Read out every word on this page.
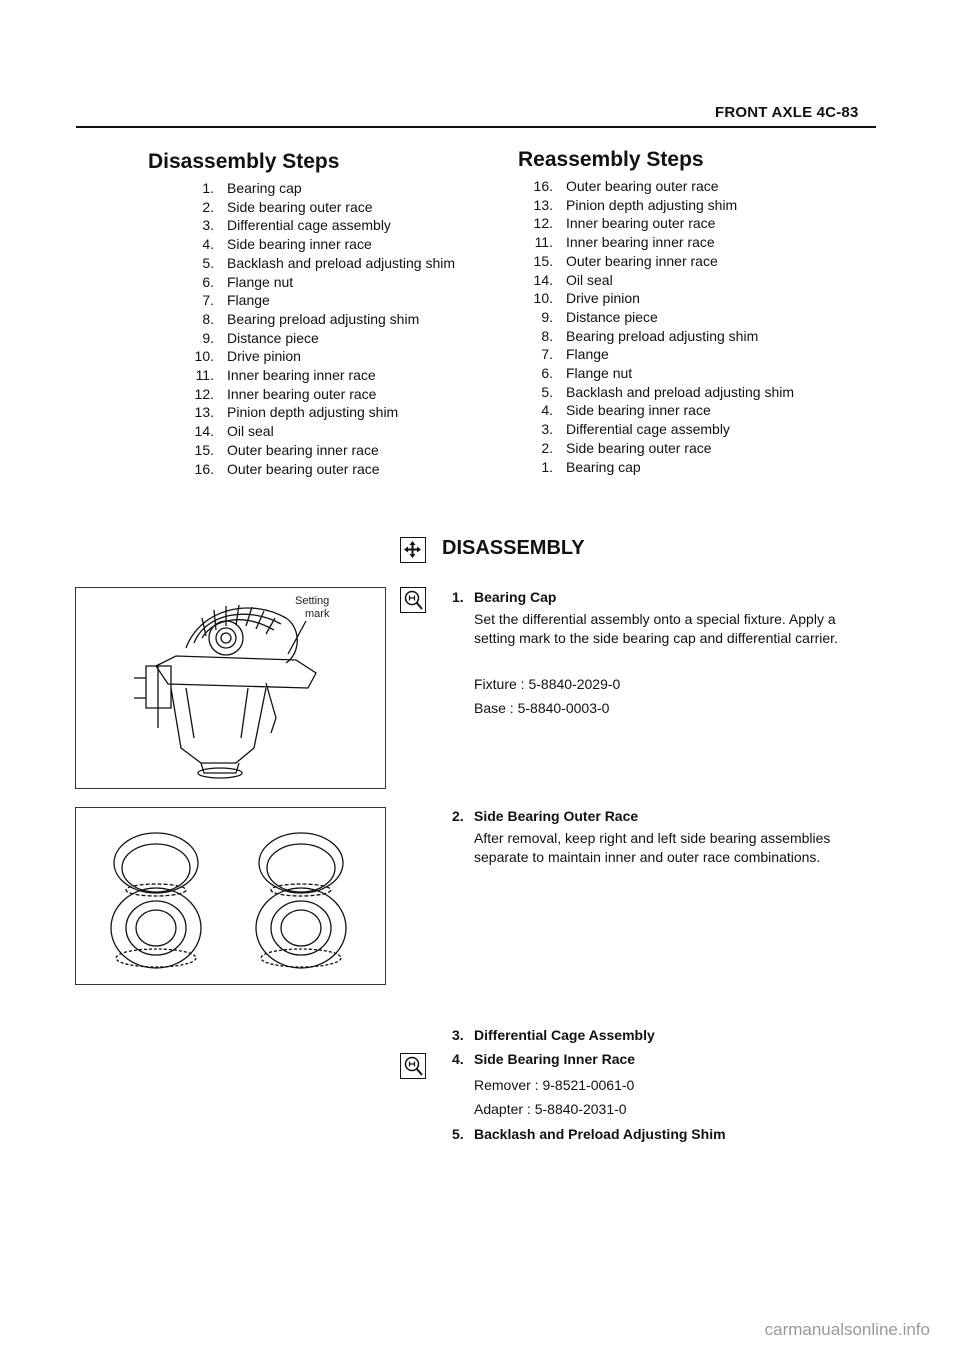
FRONT AXLE 4C-83
Disassembly Steps
1. Bearing cap
2. Side bearing outer race
3. Differential cage assembly
4. Side bearing inner race
5. Backlash and preload adjusting shim
6. Flange nut
7. Flange
8. Bearing preload adjusting shim
9. Distance piece
10. Drive pinion
11. Inner bearing inner race
12. Inner bearing outer race
13. Pinion depth adjusting shim
14. Oil seal
15. Outer bearing inner race
16. Outer bearing outer race
Reassembly Steps
16. Outer bearing outer race
13. Pinion depth adjusting shim
12. Inner bearing outer race
11. Inner bearing inner race
15. Outer bearing inner race
14. Oil seal
10. Drive pinion
9. Distance piece
8. Bearing preload adjusting shim
7. Flange
6. Flange nut
5. Backlash and preload adjusting shim
4. Side bearing inner race
3. Differential cage assembly
2. Side bearing outer race
1. Bearing cap
DISASSEMBLY
Setting
mark
1. Bearing Cap
Set the differential assembly onto a special fixture. Apply a setting mark to the side bearing cap and differential carrier.
Fixture : 5-8840-2029-0
Base : 5-8840-0003-0
2. Side Bearing Outer Race
After removal, keep right and left side bearing assemblies separate to maintain inner and outer race combinations.
3. Differential Cage Assembly
4. Side Bearing Inner Race
Remover : 9-8521-0061-0
Adapter : 5-8840-2031-0
5. Backlash and Preload Adjusting Shim
carmanualsonline.info
